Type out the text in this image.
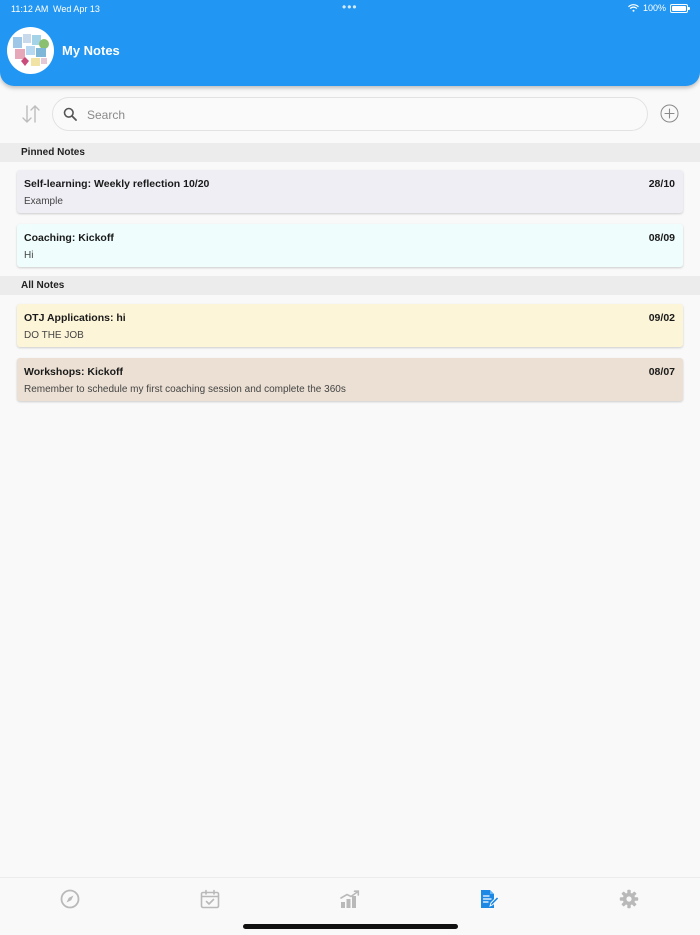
11:12 AM Wed Apr 13	•••	100%
My Notes
Search
Pinned Notes
Self-learning: Weekly reflection 10/20	28/10
Example
Coaching: Kickoff	08/09
Hi
All Notes
OTJ Applications: hi	09/02
DO THE JOB
Workshops: Kickoff	08/07
Remember to schedule my first coaching session and complete the 360s
